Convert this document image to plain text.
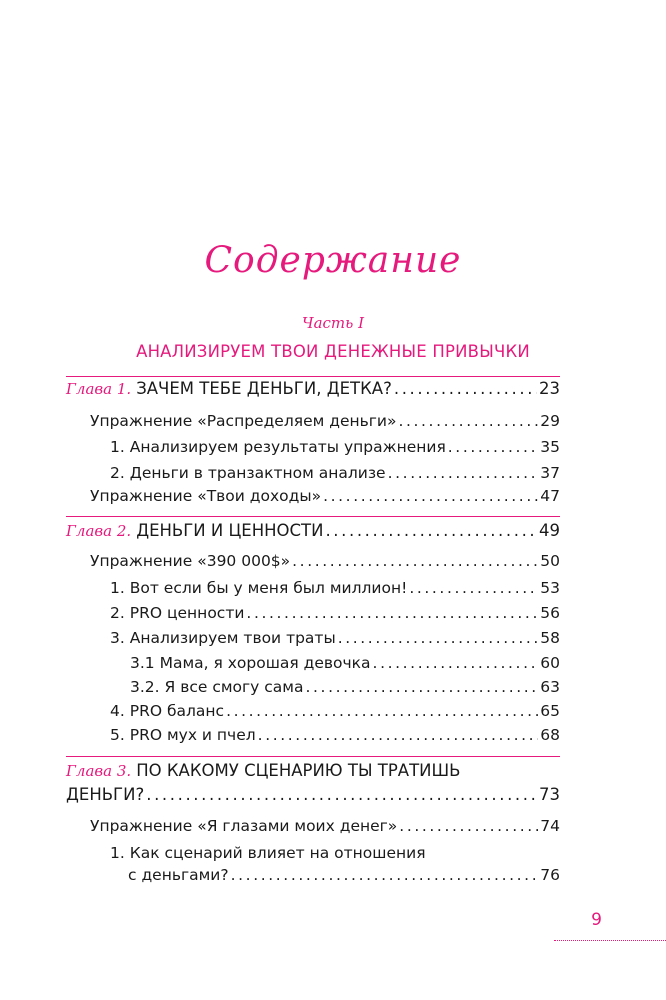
Содержание
Часть I
АНАЛИЗИРУЕМ ТВОИ ДЕНЕЖНЫЕ ПРИВЫЧКИ
Глава 1. ЗАЧЕМ ТЕБЕ ДЕНЬГИ, ДЕТКА? .....	23
Упражнение «Распределяем деньги» .....	29
1. Анализируем результаты упражнения .....	35
2. Деньги в транзактном анализе .....	37
Упражнение «Твои доходы» .....	47
Глава 2. ДЕНЬГИ И ЦЕННОСТИ .....	49
Упражнение «390 000$» .....	50
1. Вот если бы у меня был миллион! .....	53
2. PRO ценности .....	56
3. Анализируем твои траты .....	58
3.1 Мама, я хорошая девочка .....	60
3.2. Я все смогу сама .....	63
4. PRO баланс .....	65
5. PRO мух и пчел .....	68
Глава 3. ПО КАКОМУ СЦЕНАРИЮ ТЫ ТРАТИШЬ
ДЕНЬГИ? .....	73
Упражнение «Я глазами моих денег» .....	74
1. Как сценарий влияет на отношения
с деньгами? .....	76
9
